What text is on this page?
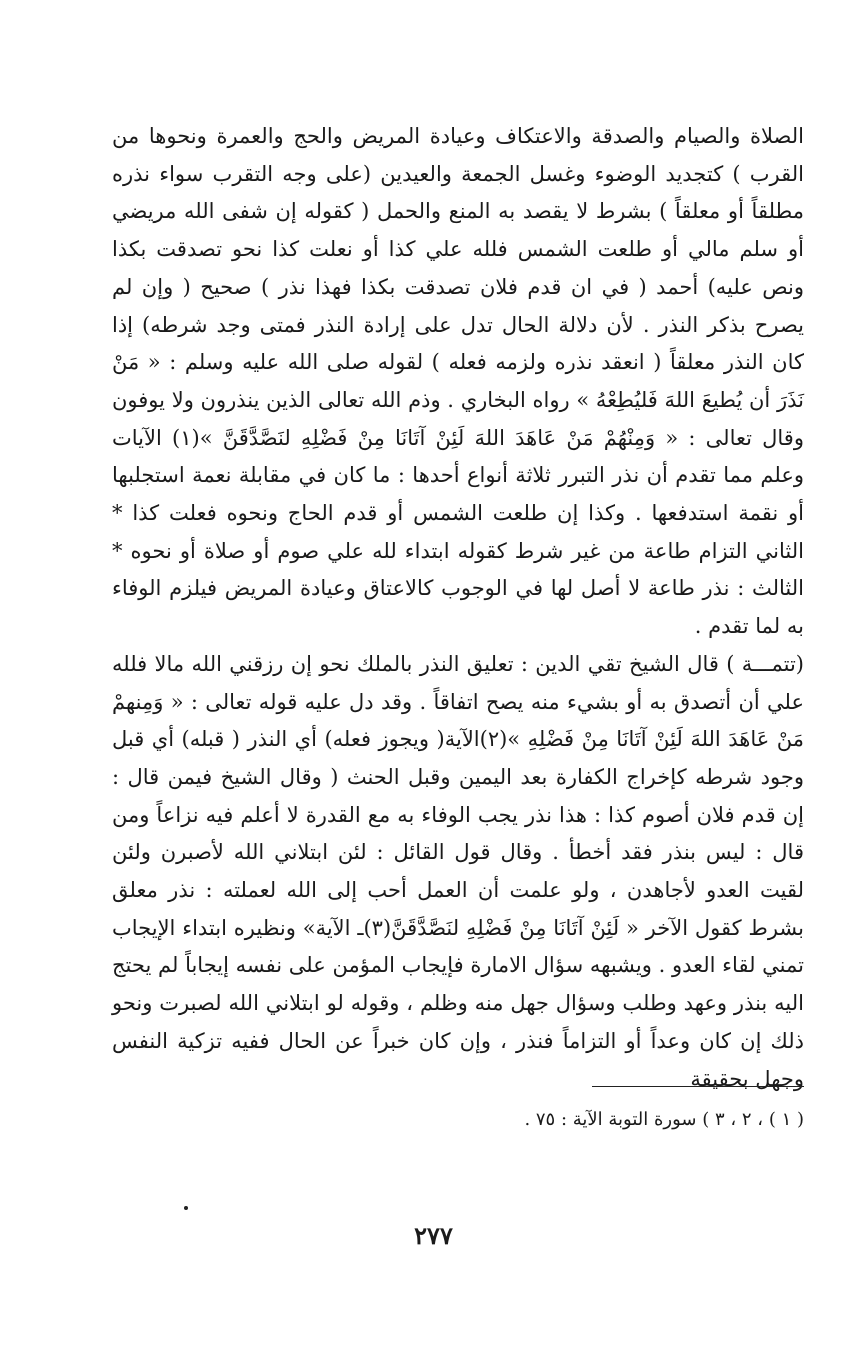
الصلاة والصيام والصدقة والاعتكاف وعيادة المريض والحج والعمرة ونحوها من القرب ) كتجديد الوضوء وغسل الجمعة والعيدين (على وجه التقرب سواء نذره مطلقاً أو معلقاً ) بشرط لا يقصد به المنع والحمل ( كقوله إن شفى الله مريضي أو سلم مالي أو طلعت الشمس فلله علي كذا أو نعلت كذا نحو تصدقت بكذا ونص عليه) أحمد ( في ان قدم فلان تصدقت بكذا فهذا نذر ) صحيح ( وإن لم يصرح بذكر النذر . لأن دلالة الحال تدل على إرادة النذر فمتى وجد شرطه) إذا كان النذر معلقاً ( انعقد نذره ولزمه فعله ) لقوله صلى الله عليه وسلم : « مَنْ نَذَرَ أن يُطيعَ اللهَ فَليُطِعْهُ » رواه البخاري . وذم الله تعالى الذين ينذرون ولا يوفون وقال تعالى : « وَمِنْهُمْ مَنْ عَاهَدَ اللهَ لَئِنْ آتَانَا مِنْ فَضْلِهِ لنَصَّدَّقَنَّ »(١) الآيات وعلم مما تقدم أن نذر التبرر ثلاثة أنواع أحدها : ما كان في مقابلة نعمة استجلبها أو نقمة استدفعها . وكذا إن طلعت الشمس أو قدم الحاج ونحوه فعلت كذا * الثاني التزام طاعة من غير شرط كقوله ابتداء لله علي صوم أو صلاة أو نحوه * الثالث : نذر طاعة لا أصل لها في الوجوب كالاعتاق وعيادة المريض فيلزم الوفاء به لما تقدم .

(تتمـــة ) قال الشيخ تقي الدين : تعليق النذر بالملك نحو إن رزقني الله مالا فلله علي أن أتصدق به أو بشيء منه يصح اتفاقاً . وقد دل عليه قوله تعالى : « وَمِنهمْ مَنْ عَاهَدَ اللهَ لَئِنْ آتَانَا مِنْ فَضْلِهِ »(٢)الآية( ويجوز فعله) أي النذر ( قبله) أي قبل وجود شرطه كإخراج الكفارة بعد اليمين وقبل الحنث ( وقال الشيخ فيمن قال : إن قدم فلان أصوم كذا : هذا نذر يجب الوفاء به مع القدرة لا أعلم فيه نزاعاً ومن قال : ليس بنذر فقد أخطأ . وقال قول القائل : لئن ابتلاني الله لأصبرن ولئن لقيت العدو لأجاهدن ، ولو علمت أن العمل أحب إلى الله لعملته : نذر معلق بشرط كقول الآخر « لَئِنْ آتَانَا مِنْ فَضْلِهِ لنَصَّدَّقَنَّ(٣)ـ الآية» ونظيره ابتداء الإيجاب تمني لقاء العدو . ويشبهه سؤال الامارة فإيجاب المؤمن على نفسه إيجاباً لم يحتج اليه بنذر وعهد وطلب وسؤال جهل منه وظلم ، وقوله لو ابتلاني الله لصبرت ونحو ذلك إن كان وعداً أو التزاماً فنذر ، وإن كان خبراً عن الحال ففيه تزكية النفس وجهل بحقيقة

( ١ ) ، ٢ ، ٣ ) سورة التوبة الآية : ٧٥ .
٢٧٧
